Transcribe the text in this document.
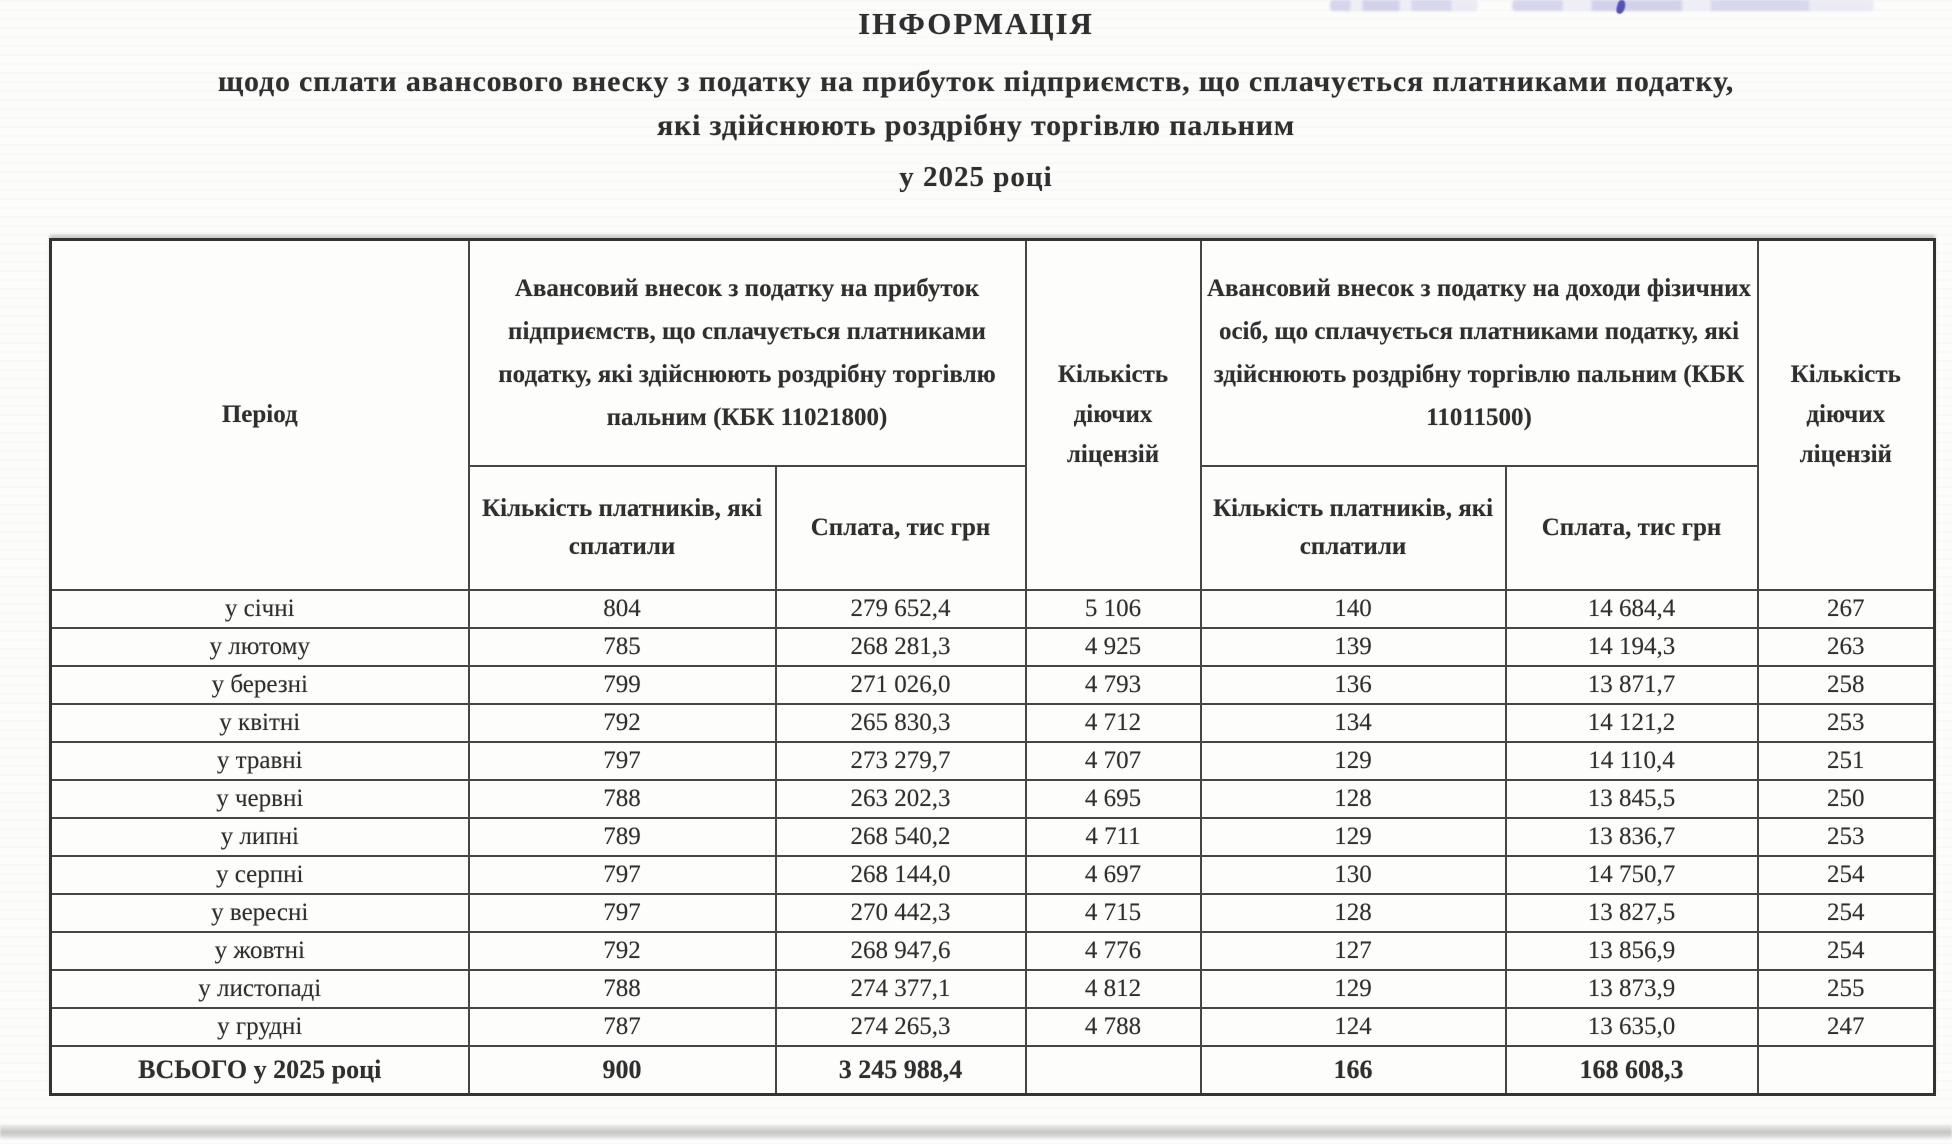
ІНФОРМАЦІЯ
щодо сплати авансового внеску з податку на прибуток підприємств, що сплачується платниками податку,
які здійснюють роздрібну торгівлю пальним
у 2025 році
Період	Авансовий внесок з податку на прибуток підприємств, що сплачується платниками податку, які здійснюють роздрібну торгівлю пальним (КБК 11021800)		Кількість діючих ліцензій	Авансовий внесок з податку на доходи фізичних осіб, що сплачується платниками податку, які здійснюють роздрібну торгівлю пальним (КБК 11011500)		Кількість діючих ліцензій
	Кількість платників, які сплатили	Сплата, тис грн		Кількість платників, які сплатили	Сплата, тис грн	
у січні	804	279 652,4	5 106	140	14 684,4	267
у лютому	785	268 281,3	4 925	139	14 194,3	263
у березні	799	271 026,0	4 793	136	13 871,7	258
у квітні	792	265 830,3	4 712	134	14 121,2	253
у травні	797	273 279,7	4 707	129	14 110,4	251
у червні	788	263 202,3	4 695	128	13 845,5	250
у липні	789	268 540,2	4 711	129	13 836,7	253
у серпні	797	268 144,0	4 697	130	14 750,7	254
у вересні	797	270 442,3	4 715	128	13 827,5	254
у жовтні	792	268 947,6	4 776	127	13 856,9	254
у листопаді	788	274 377,1	4 812	129	13 873,9	255
у грудні	787	274 265,3	4 788	124	13 635,0	247
ВСЬОГО у 2025 році	900	3 245 988,4		166	168 608,3	
